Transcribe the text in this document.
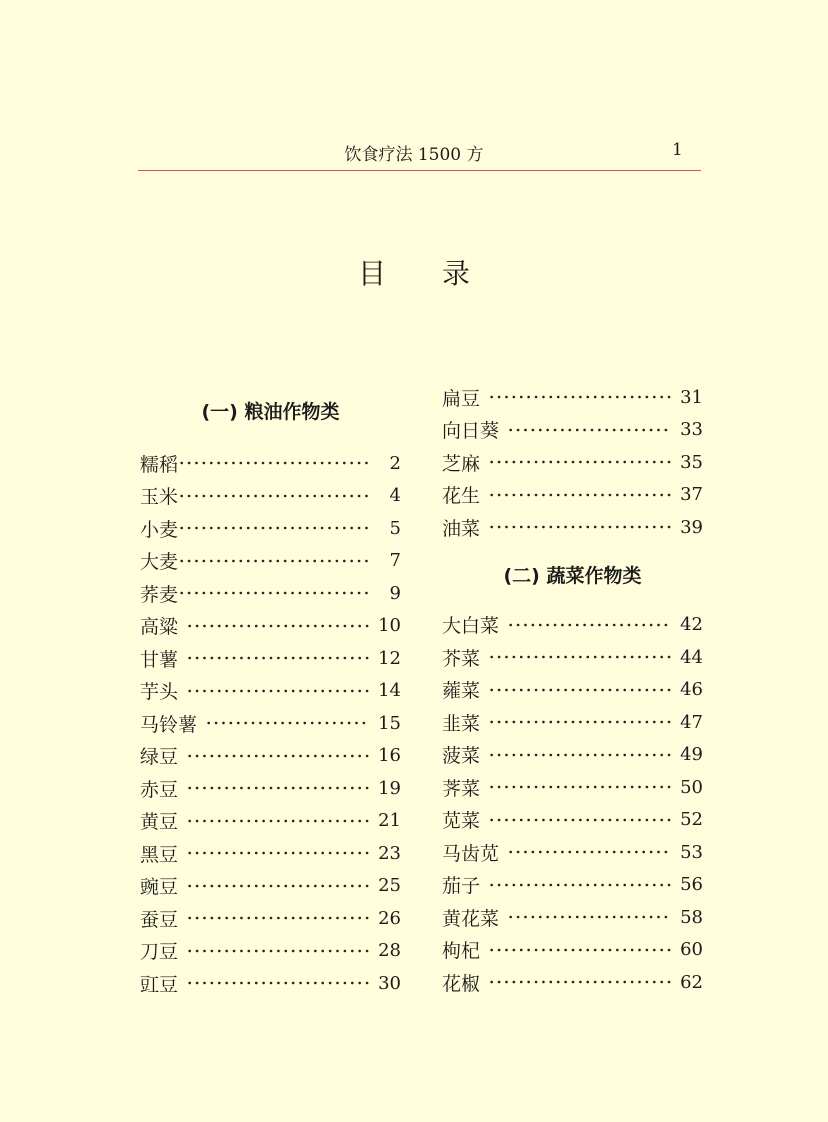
饮食疗法 1500 方	1
目录
(一) 粮油作物类
糯稻	2
玉米	4
小麦	5
大麦	7
荞麦	9
高粱	10
甘薯	12
芋头	14
马铃薯	15
绿豆	16
赤豆	19
黄豆	21
黑豆	23
豌豆	25
蚕豆	26
刀豆	28
豇豆	30
扁豆	31
向日葵	33
芝麻	35
花生	37
油菜	39
(二) 蔬菜作物类
大白菜	42
芥菜	44
蕹菜	46
韭菜	47
菠菜	49
荠菜	50
苋菜	52
马齿苋	53
茄子	56
黄花菜	58
枸杞	60
花椒	62
